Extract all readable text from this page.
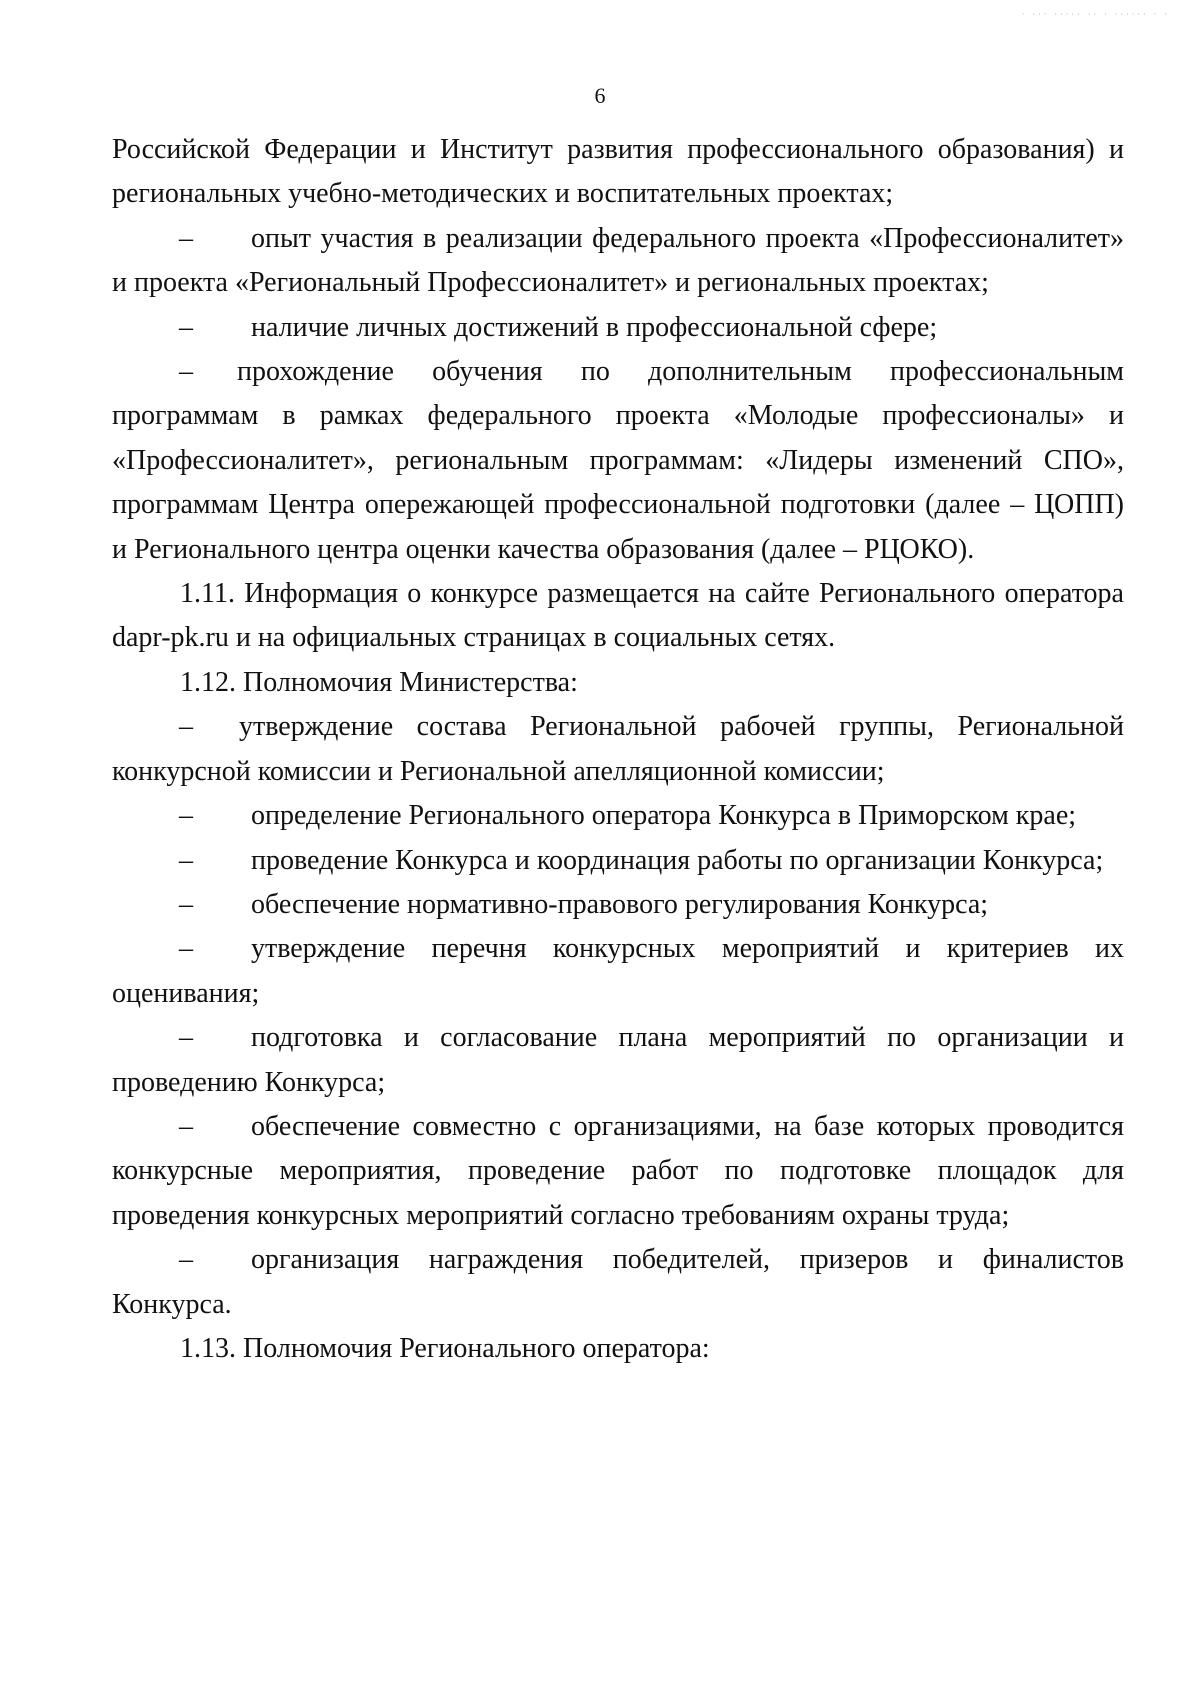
· ··· ····· ·· · ······ · ·
6

Российской Федерации и Институт развития профессионального образования) и региональных учебно-методических и воспитательных проектах;

– опыт участия в реализации федерального проекта «Профессионалитет» и проекта «Региональный Профессионалитет» и региональных проектах;

– наличие личных достижений в профессиональной сфере;

– прохождение обучения по дополнительным профессиональным программам в рамках федерального проекта «Молодые профессионалы» и «Профессионалитет», региональным программам: «Лидеры изменений СПО», программам Центра опережающей профессиональной подготовки (далее – ЦОПП) и Регионального центра оценки качества образования (далее – РЦОКО).

1.11. Информация о конкурсе размещается на сайте Регионального оператора dapr-pk.ru и на официальных страницах в социальных сетях.

1.12. Полномочия Министерства:

– утверждение состава Региональной рабочей группы, Региональной конкурсной комиссии и Региональной апелляционной комиссии;

– определение Регионального оператора Конкурса в Приморском крае;

– проведение Конкурса и координация работы по организации Конкурса;

– обеспечение нормативно-правового регулирования Конкурса;

– утверждение перечня конкурсных мероприятий и критериев их оценивания;

– подготовка и согласование плана мероприятий по организации и проведению Конкурса;

– обеспечение совместно с организациями, на базе которых проводится конкурсные мероприятия, проведение работ по подготовке площадок для проведения конкурсных мероприятий согласно требованиям охраны труда;

– организация награждения победителей, призеров и финалистов Конкурса.

1.13. Полномочия Регионального оператора:
